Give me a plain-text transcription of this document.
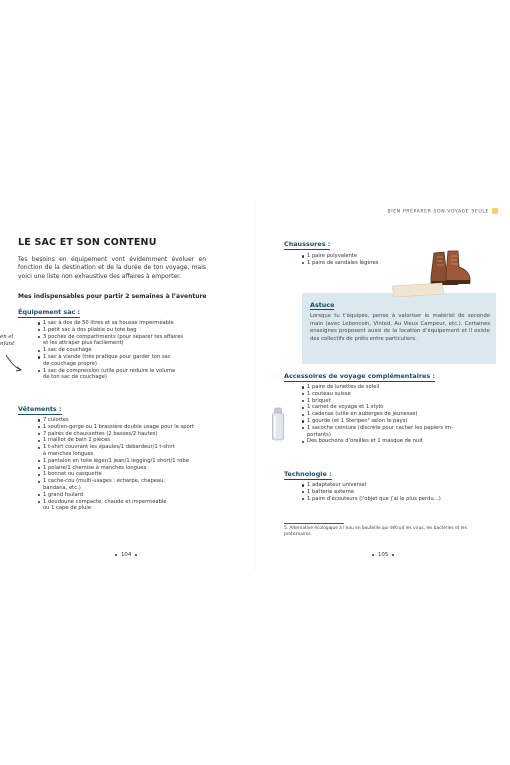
LE SAC ET SON CONTENU

Tes besoins en équipement vont évidemment évoluer en fonction de la destination et de la durée de ton voyage, mais voici une liste non exhaustive des affaires à emporter.

Mes indispensables pour partir 2 semaines à l’aventure
Équipement sac :
1 sac à dos de 50 litres et sa housse imperméable
1 petit sac à dos pliable ou tote bag
3 poches de compartiments (pour séparer tes affaires
et les attraper plus facilement)
1 sac de couchage
1 sac à viande (très pratique pour garder ton sac
de couchage propre)
1 sac de compression (utile pour réduire le volume
de ton sac de couchage)
en el
nfant
Vêtements :
7 culottes
1 soutien-gorge ou 1 brassière double usage pour le sport
7 paires de chaussettes (2 basses/2 hautes)
1 maillot de bain 2 pièces
1 t-shirt couvrant les épaules/1 débardeur/1 t-shirt
à manches longues
1 pantalon en toile léger/1 jean/1 legging/1 short/1 robe
1 polaire/1 chemise à manches longues
1 bonnet ou casquette
1 cache-cou (multi-usages : écharpe, chapeau,
bandana, etc.)
1 grand foulard
1 doudoune compacte, chaude et imperméable
ou 1 cape de pluie
104
BIEN PRÉPARER SON VOYAGE SEULE
Chaussures :
1 paire polyvalente
1 paire de sandales légères
Astuce

Lorsque tu t’équipes, pense à valoriser le matériel de seconde main (avec Leboncoin, Vinted, Au Vieux Campeur, etc.). Certaines enseignes proposent aussi de la location d’équipement et il existe des collectifs de prêts entre particuliers.

Accessoires de voyage complémentaires :
1 paire de lunettes de soleil
1 couteau suisse
1 briquet
1 carnet de voyage et 1 stylo
1 cadenas (utile en auberges de jeunesse)
1 gourde (et 1 Steripen⁵ selon le pays)
1 sacoche ceinture (discrète pour cacher les papiers im-
portants)
Des bouchons d’oreilles et 1 masque de nuit
Technologie :
1 adaptateur universel
1 batterie externe
1 paire d’écouteurs (l’objet que j’ai le plus perdu…)

5. Alternative écologique à l’eau en bouteille qui détruit les virus, les bactéries et les protozoaires.

105
